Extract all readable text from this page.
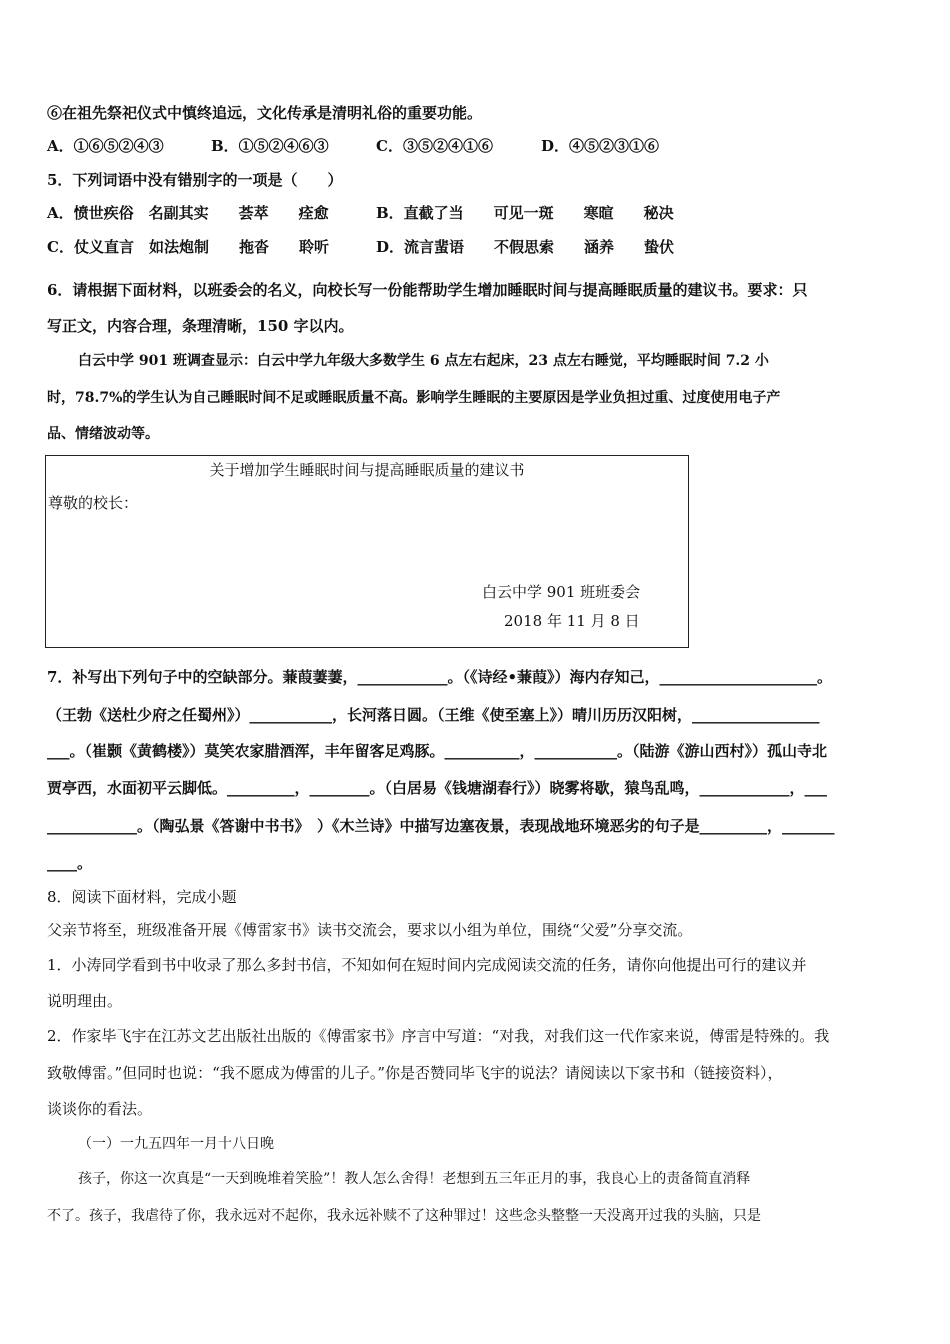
⑥在祖先祭祀仪式中慎终追远，文化传承是清明礼俗的重要功能。
A．①⑥⑤②④③	B．①⑤②④⑥③	C．③⑤②④①⑥	D．④⑤②③①⑥
5．下列词语中没有错别字的一项是（　　）
A．愤世疾俗　名副其实　　荟萃　　痊愈	B．直截了当　　可见一斑　　寒暄　　秘决
C．仗义直言　如法炮制　　拖沓　　聆听	D．流言蜚语　　不假思索　　涵养　　蛰伏
6．请根据下面材料，以班委会的名义，向校长写一份能帮助学生增加睡眠时间与提高睡眠质量的建议书。要求：只
写正文，内容合理，条理清晰，150 字以内。
白云中学 901 班调查显示：白云中学九年级大多数学生 6 点左右起床，23 点左右睡觉，平均睡眠时间 7.2 小
时，78.7%的学生认为自己睡眠时间不足或睡眠质量不高。影响学生睡眠的主要原因是学业负担过重、过度使用电子产
品、情绪波动等。
关于增加学生睡眠时间与提高睡眠质量的建议书
尊敬的校长：
白云中学 901 班班委会
2018 年 11 月 8 日
7．补写出下列句子中的空缺部分。蒹葭萋萋，____________。（《诗经•蒹葭》）海内存知己，_____________________。
（王勃《送杜少府之任蜀州》）___________，长河落日圆。（王维《使至塞上》）晴川历历汉阳树，_________________
___。（崔颢《黄鹤楼》）莫笑农家腊酒浑，丰年留客足鸡豚。__________，___________。（陆游《游山西村》）孤山寺北
贾亭西，水面初平云脚低。_________，________。（白居易《钱塘湖春行》）晓雾将歇，猿鸟乱鸣，____________，___
____________。（陶弘景《答谢中书书》　）《木兰诗》中描写边塞夜景，表现战地环境恶劣的句子是_________，_______
____。
8．阅读下面材料，完成小题
父亲节将至，班级准备开展《傅雷家书》读书交流会，要求以小组为单位，围绕“父爱”分享交流。
1．小涛同学看到书中收录了那么多封书信，不知如何在短时间内完成阅读交流的任务，请你向他提出可行的建议并
说明理由。
2．作家毕飞宇在江苏文艺出版社出版的《傅雷家书》序言中写道：“对我，对我们这一代作家来说，傅雷是特殊的。我
致敬傅雷。”但同时也说：“我不愿成为傅雷的儿子。”你是否赞同毕飞宇的说法？请阅读以下家书和（链接资料），
谈谈你的看法。
（一）一九五四年一月十八日晚
孩子，你这一次真是“一天到晚堆着笑脸”！教人怎么舍得！老想到五三年正月的事，我良心上的责备简直消释
不了。孩子，我虐待了你，我永远对不起你，我永远补赎不了这种罪过！这些念头整整一天没离开过我的头脑，只是
